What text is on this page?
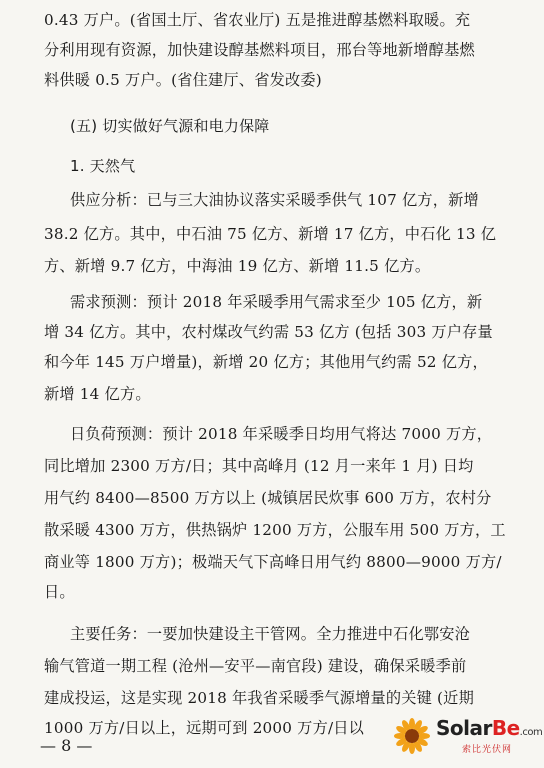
0.43 万户。(省国土厅、省农业厅) 五是推进醇基燃料取暖。充
分利用现有资源，加快建设醇基燃料项目，邢台等地新增醇基燃
料供暖 0.5 万户。(省住建厅、省发改委)
(五) 切实做好气源和电力保障
1. 天然气
供应分析：已与三大油协议落实采暖季供气 107 亿方，新增
38.2 亿方。其中，中石油 75 亿方、新增 17 亿方，中石化 13 亿
方、新增 9.7 亿方，中海油 19 亿方、新增 11.5 亿方。
需求预测：预计 2018 年采暖季用气需求至少 105 亿方，新
增 34 亿方。其中，农村煤改气约需 53 亿方 (包括 303 万户存量
和今年 145 万户增量)，新增 20 亿方；其他用气约需 52 亿方，
新增 14 亿方。
日负荷预测：预计 2018 年采暖季日均用气将达 7000 万方，
同比增加 2300 万方/日；其中高峰月 (12 月一来年 1 月) 日均
用气约 8400—8500 万方以上 (城镇居民炊事 600 万方，农村分
散采暖 4300 万方，供热锅炉 1200 万方，公服车用 500 万方，工
商业等 1800 万方)；极端天气下高峰日用气约 8800—9000 万方/
日。
主要任务：一要加快建设主干管网。全力推进中石化鄂安沧
输气管道一期工程 (沧州—安平—南官段) 建设，确保采暖季前
建成投运，这是实现 2018 年我省采暖季气源增量的关键 (近期
1000 万方/日以上，远期可到 2000 万方/日以
— 8 —
SolarBe.com
索比光伏网
